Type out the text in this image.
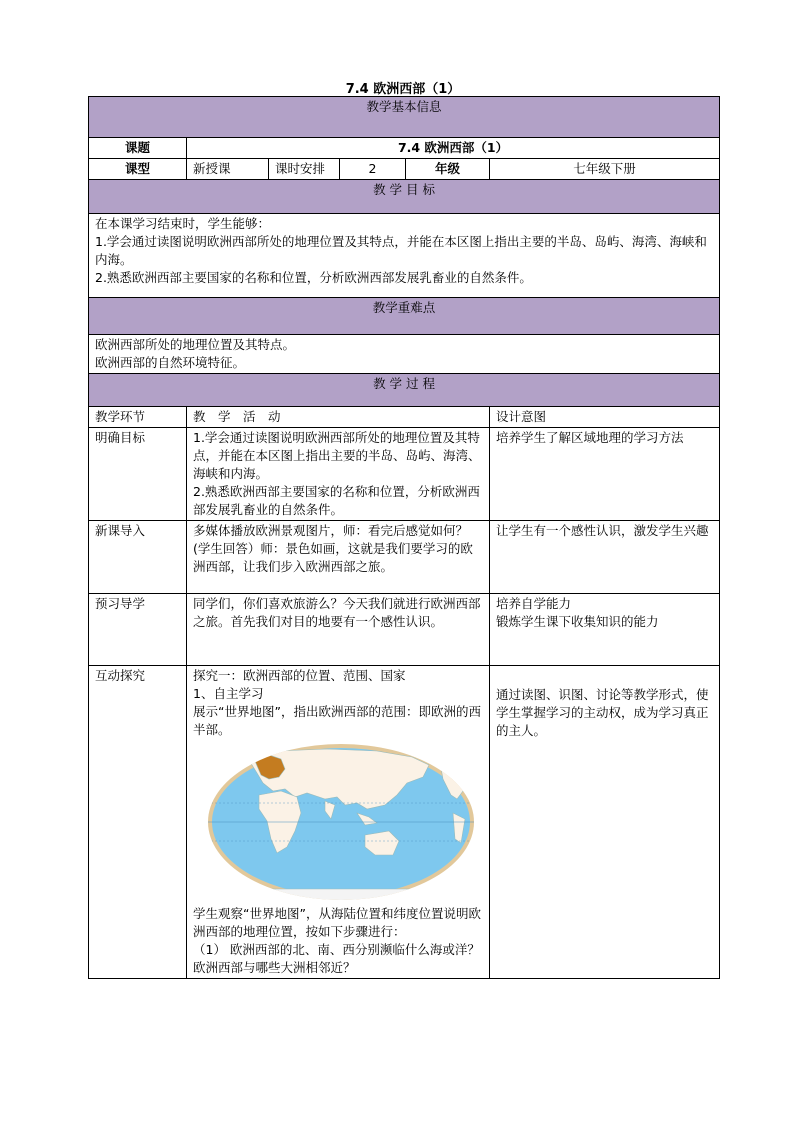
7.4 欧洲西部（1）
教学基本信息					
课题	7.4 欧洲西部（1）				
课型	新授课	课时安排	2	年级	七年级下册
教 学 目 标					

在本课学习结束时，学生能够：
1.学会通过读图说明欧洲西部所处的地理位置及其特点，并能在本区图上指出主要的半岛、岛屿、海湾、海峡和内海。
2.熟悉欧洲西部主要国家的名称和位置，分析欧洲西部发展乳畜业的自然条件。					

教学重难点					

欧洲西部所处的地理位置及其特点。
欧洲西部的自然环境特征。					

教 学 过 程					
教学环节	教　学　活　动				设计意图
明确目标	1.学会通过读图说明欧洲西部所处的地理位置及其特点，并能在本区图上指出主要的半岛、岛屿、海湾、海峡和内海。
2.熟悉欧洲西部主要国家的名称和位置，分析欧洲西部发展乳畜业的自然条件。				培养学生了解区域地理的学习方法
新课导入	多媒体播放欧洲景观图片，师：看完后感觉如何？(学生回答）师：景色如画，这就是我们要学习的欧洲西部，让我们步入欧洲西部之旅。				让学生有一个感性认识，激发学生兴趣
预习导学	同学们，你们喜欢旅游么？今天我们就进行欧洲西部之旅。首先我们对目的地要有一个感性认识。				培养自学能力
锻炼学生课下收集知识的能力

互动探究	探究一：欧洲西部的位置、范围、国家
1、自主学习
展示“世界地图”，指出欧洲西部的范围：即欧洲的西半部。
学生观察“世界地图”，从海陆位置和纬度位置说明欧洲西部的地理位置，按如下步骤进行：
（1） 欧洲西部的北、南、西分别濒临什么海或洋？欧洲西部与哪些大洲相邻近？				通过读图、识图、讨论等教学形式，使学生掌握学习的主动权，成为学习真正的主人。
